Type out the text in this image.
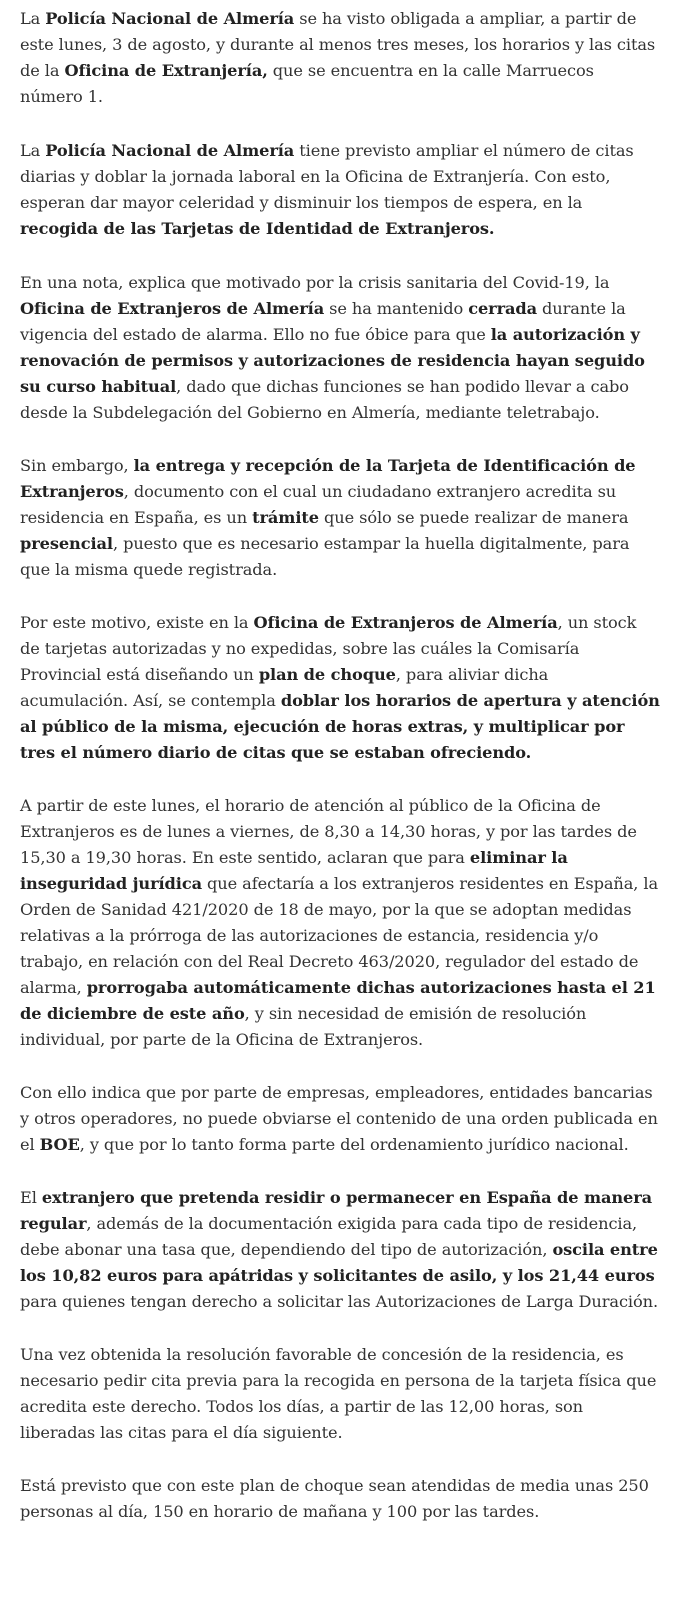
La Policía Nacional de Almería se ha visto obligada a ampliar, a partir de este lunes, 3 de agosto, y durante al menos tres meses, los horarios y las citas de la Oficina de Extranjería, que se encuentra en la calle Marruecos número 1.

La Policía Nacional de Almería tiene previsto ampliar el número de citas diarias y doblar la jornada laboral en la Oficina de Extranjería. Con esto, esperan dar mayor celeridad y disminuir los tiempos de espera, en la recogida de las Tarjetas de Identidad de Extranjeros.

En una nota, explica que motivado por la crisis sanitaria del Covid-19, la Oficina de Extranjeros de Almería se ha mantenido cerrada durante la vigencia del estado de alarma. Ello no fue óbice para que la autorización y renovación de permisos y autorizaciones de residencia hayan seguido su curso habitual, dado que dichas funciones se han podido llevar a cabo desde la Subdelegación del Gobierno en Almería, mediante teletrabajo.

Sin embargo, la entrega y recepción de la Tarjeta de Identificación de Extranjeros, documento con el cual un ciudadano extranjero acredita su residencia en España, es un trámite que sólo se puede realizar de manera presencial, puesto que es necesario estampar la huella digitalmente, para que la misma quede registrada.

Por este motivo, existe en la Oficina de Extranjeros de Almería, un stock de tarjetas autorizadas y no expedidas, sobre las cuáles la Comisaría Provincial está diseñando un plan de choque, para aliviar dicha acumulación. Así, se contempla doblar los horarios de apertura y atención al público de la misma, ejecución de horas extras, y multiplicar por tres el número diario de citas que se estaban ofreciendo.

A partir de este lunes, el horario de atención al público de la Oficina de Extranjeros es de lunes a viernes, de 8,30 a 14,30 horas, y por las tardes de 15,30 a 19,30 horas. En este sentido, aclaran que para eliminar la inseguridad jurídica que afectaría a los extranjeros residentes en España, la Orden de Sanidad 421/2020 de 18 de mayo, por la que se adoptan medidas relativas a la prórroga de las autorizaciones de estancia, residencia y/o trabajo, en relación con del Real Decreto 463/2020, regulador del estado de alarma, prorrogaba automáticamente dichas autorizaciones hasta el 21 de diciembre de este año, y sin necesidad de emisión de resolución individual, por parte de la Oficina de Extranjeros.

Con ello indica que por parte de empresas, empleadores, entidades bancarias y otros operadores, no puede obviarse el contenido de una orden publicada en el BOE, y que por lo tanto forma parte del ordenamiento jurídico nacional.

El extranjero que pretenda residir o permanecer en España de manera regular, además de la documentación exigida para cada tipo de residencia, debe abonar una tasa que, dependiendo del tipo de autorización, oscila entre los 10,82 euros para apátridas y solicitantes de asilo, y los 21,44 euros para quienes tengan derecho a solicitar las Autorizaciones de Larga Duración.

Una vez obtenida la resolución favorable de concesión de la residencia, es necesario pedir cita previa para la recogida en persona de la tarjeta física que acredita este derecho. Todos los días, a partir de las 12,00 horas, son liberadas las citas para el día siguiente.

Está previsto que con este plan de choque sean atendidas de media unas 250 personas al día, 150 en horario de mañana y 100 por las tardes.
